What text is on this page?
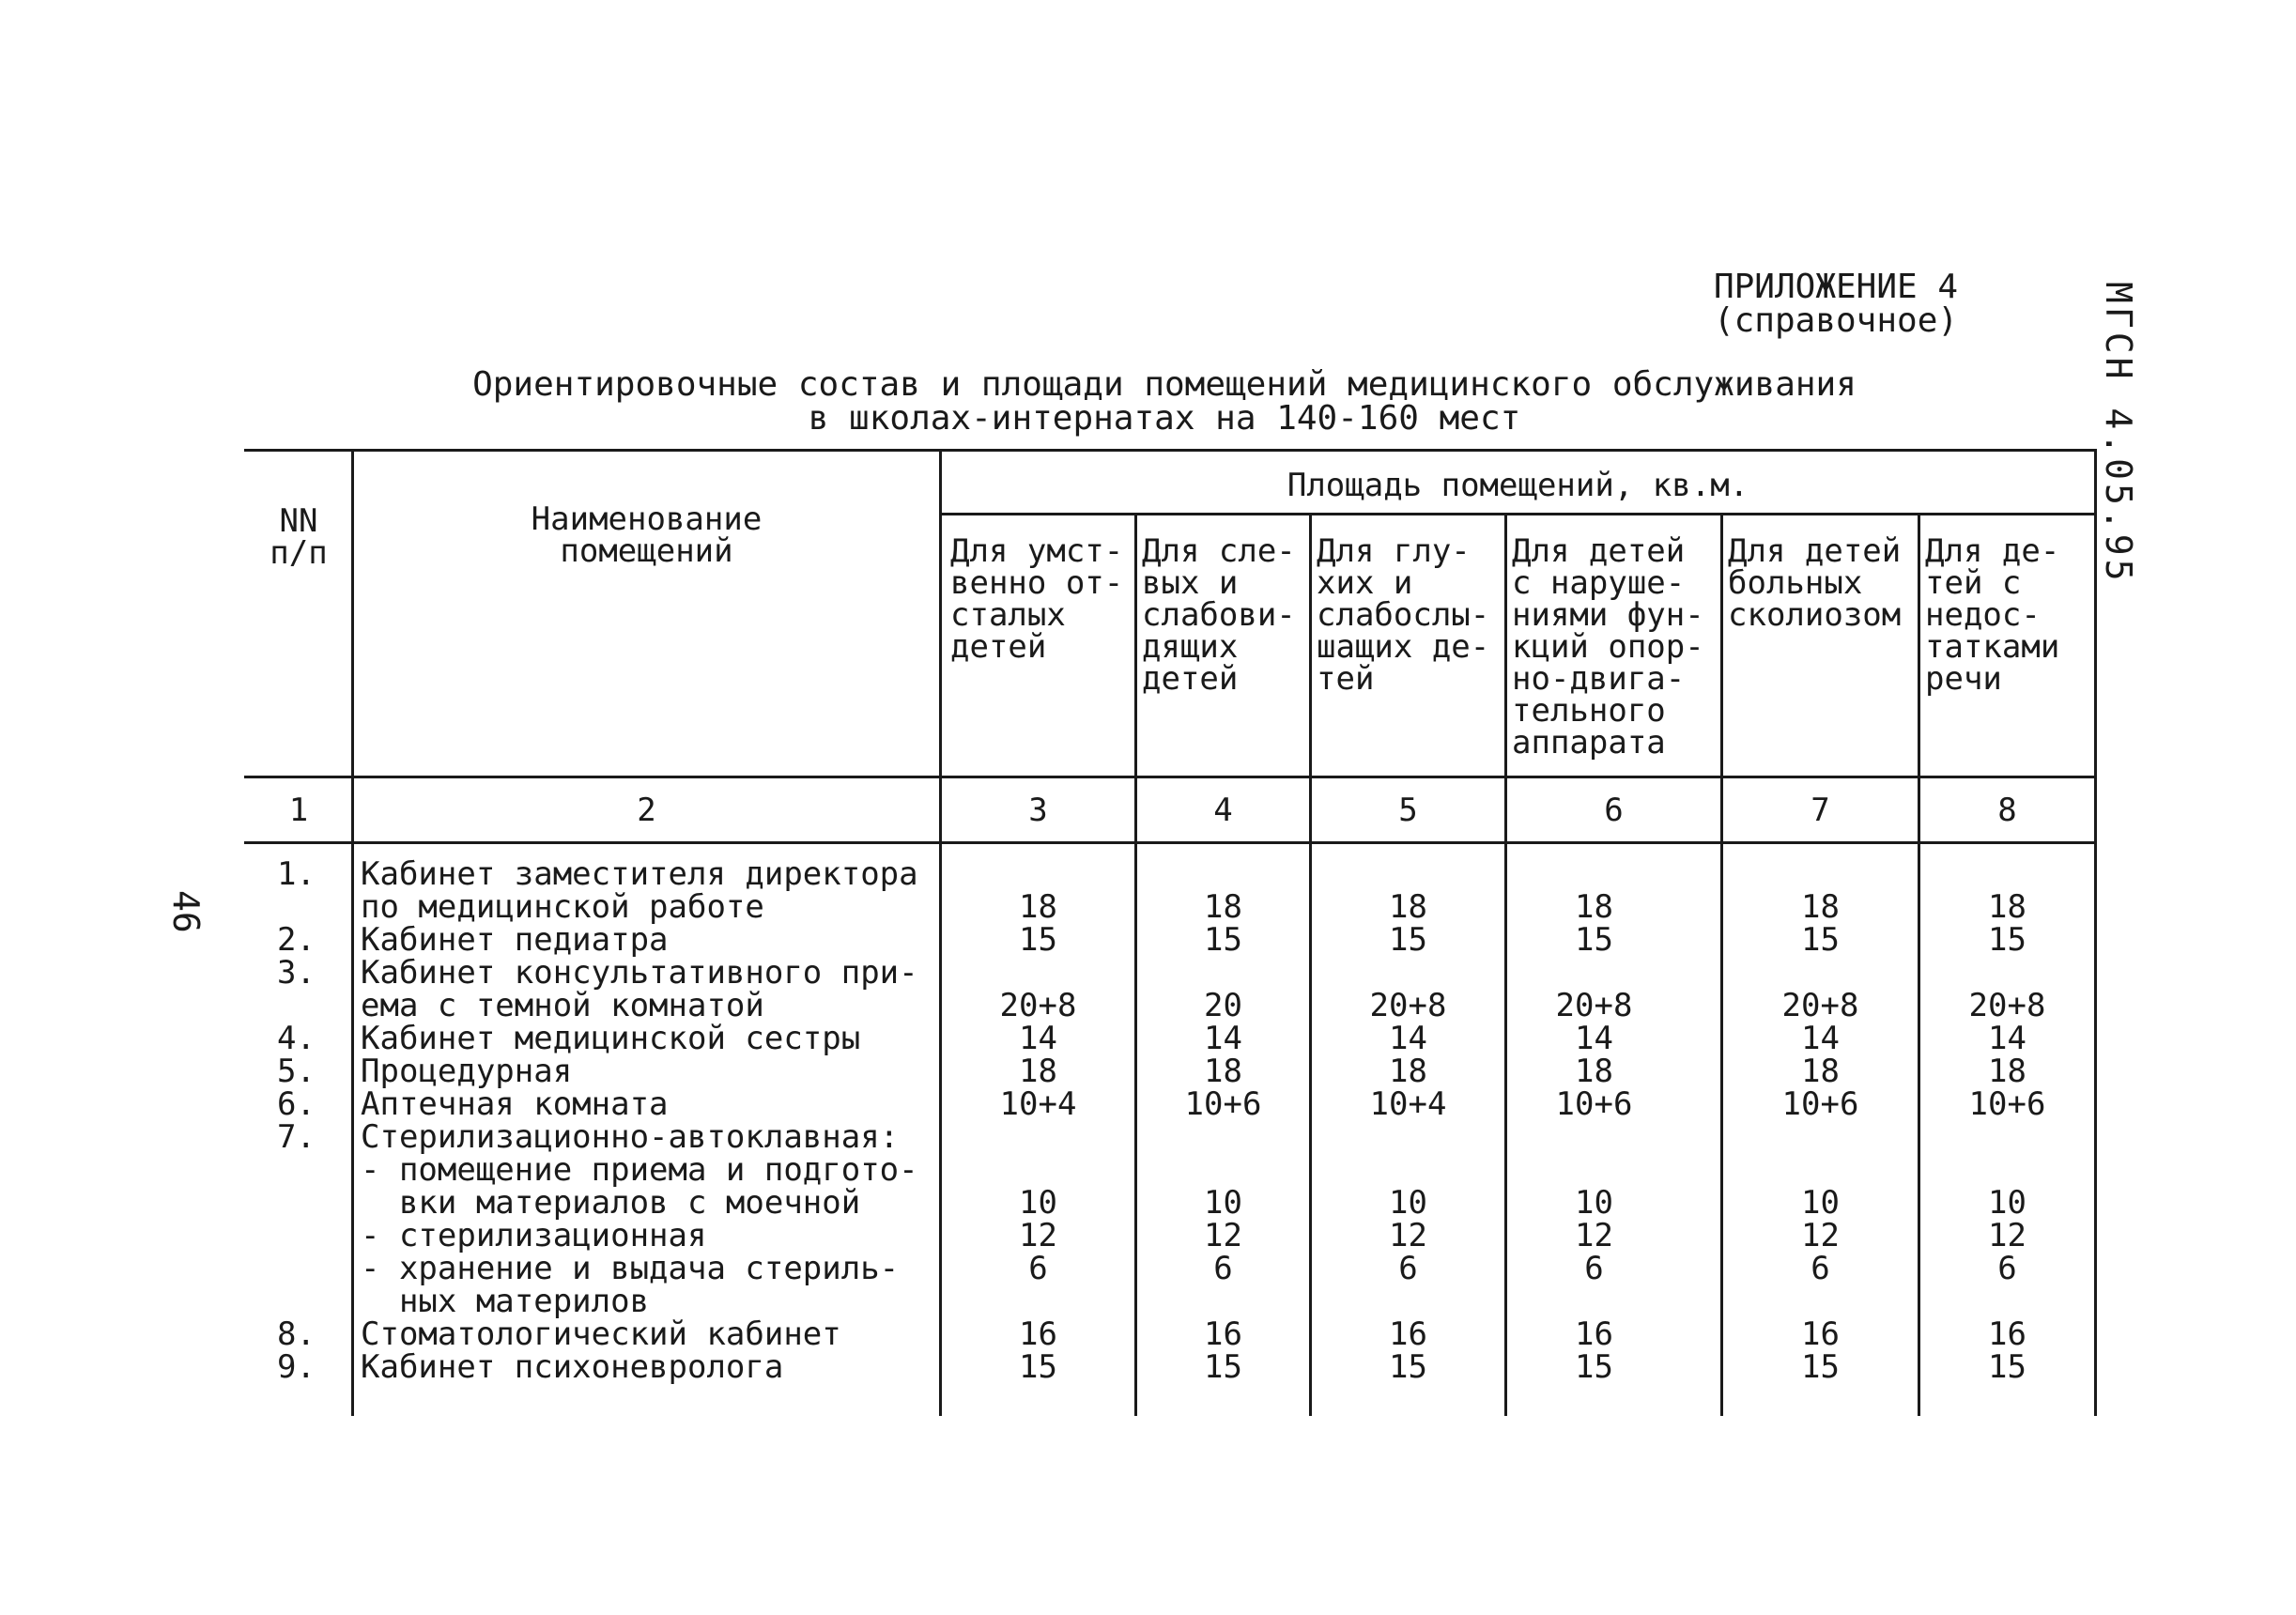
ПРИЛОЖЕНИЕ 4
(справочное)	МГСН 4.05.95
46
Ориентировочные состав и площади помещений медицинского обслуживания
в школах-интернатах на 140-160 мест
NN
п/п
Наименование
помещений
Площадь помещений, кв.м.
Для умст-
венно от-
сталых
детей
Для сле-
вых и
слабови-
дящих
детей
Для глу-
хих и
слабослы-
шащих де-
тей
Для детей
с наруше-
ниями фун-
кций опор-
но-двига-
тельного
аппарата
Для детей
больных
сколиозом
Для де-
тей с
недос-
татками
речи
1	2	3	4	5	6	7	8
1. Кабинет заместителя директора
по медицинской работе	18	18	18	18	18	18
2. Кабинет педиатра	15	15	15	15	15	15
3. Кабинет консультативного при-
ема с темной комнатой	20+8	20	20+8	20+8	20+8	20+8
4. Кабинет медицинской сестры	14	14	14	14	14	14
5. Процедурная	18	18	18	18	18	18
6. Аптечная комната	10+4	10+6	10+4	10+6	10+6	10+6
7. Стерилизационно-автоклавная:
- помещение приема и подгото-
вки материалов с моечной	10	10	10	10	10	10
- стерилизационная	12	12	12	12	12	12
- хранение и выдача стериль-	6	6	6	6	6	6
ных материлов
8. Стоматологический кабинет	16	16	16	16	16	16
9. Кабинет психоневролога	15	15	15	15	15	15
